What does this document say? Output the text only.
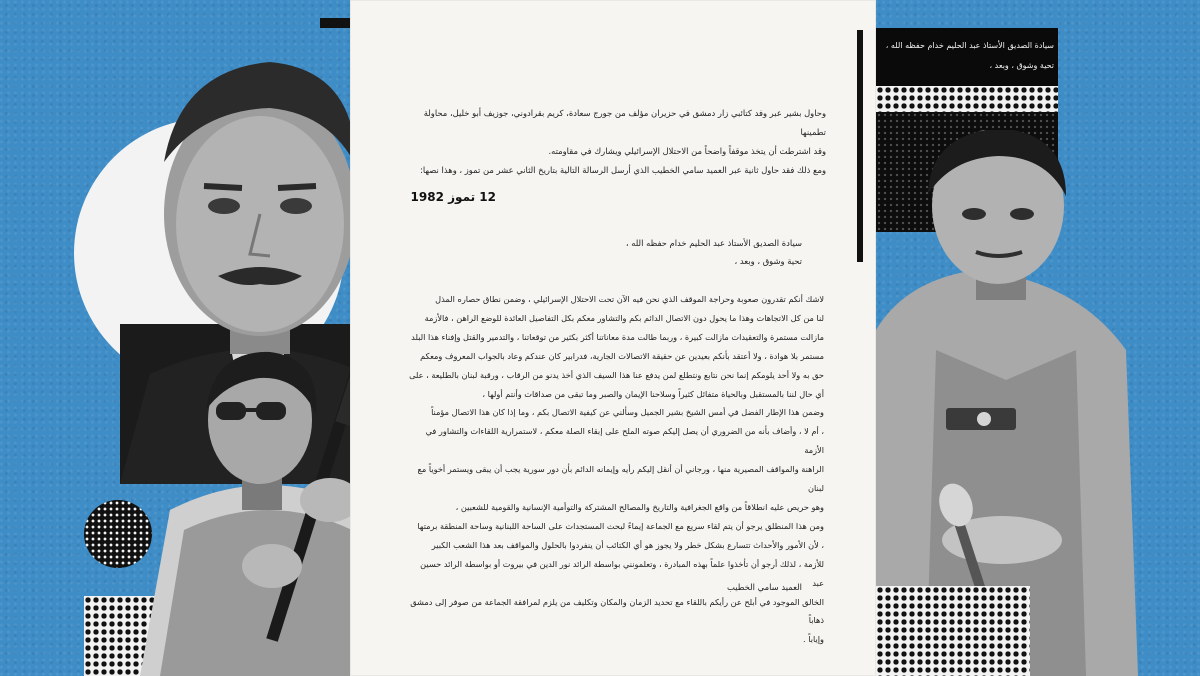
وحاول بشير عبر وفد كتائبي زار دمشق في حزيران مؤلف من جورج سعادة، كريم بقرادوني، جوزيف أبو خليل، محاولة تطمينها

وقد اشترطت أن يتخذ موقفاً واضحاً من الاحتلال الإسرائيلي ويشارك في مقاومته.

ومع ذلك فقد حاول ثانية عبر العميد سامي الخطيب الذي أرسل الرسالة التالية بتاريخ الثاني عشر من تموز ، وهذا نصها:

12 تموز 1982

سيادة الصديق الأستاذ عبد الحليم خدام حفظه الله ،

تحية وشوق ، وبعد ،

لاشك أنكم تقدرون صعوبة وحراجة الموقف الذي نحن فيه الآن تحت الاحتلال الإسرائيلي ، وضمن نطاق حصاره المذل

لنا من كل الاتجاهات وهذا ما يحول دون الاتصال الدائم بكم والتشاور معكم بكل التفاصيل العائدة للوضع الراهن ، فالأزمة

مازالت مستمرة والتعقيدات مازالت كبيرة ، وربما طالت مدة معاناتنا أكثر بكثير من توقعاتنا ، والتدمير والقتل وإفناء هذا البلد

مستمر بلا هوادة ، ولا أعتقد بأنكم بعيدين عن حقيقة الاتصالات الجارية، فدرابير كان عندكم وعاد بالجواب المعروف ومعكم

حق به ولا أحد يلومكم إنما نحن نتابع ونتطلع لمن يدفع عنا هذا السيف الذي أخذ يدنو من الرقاب ، ورقبة لبنان بالطليعة ، على

أي حال لننا بالمستقبل وبالحياة متفائل كثيراً وسلاحنا الإيمان والصبر وما تبقى من صداقات وأنتم أولها ،

وضمن هذا الإطار الفضل في أمس الشيخ بشير الجميل وسألني عن كيفية الاتصال بكم ، وما إذا كان هذا الاتصال مؤمناً

، أم لا ، وأضاف بأنه من الضروري أن يصل إليكم صوته الملح على إبقاء الصلة معكم ، لاستمرارية اللقاءات والتشاور في الأزمة

الراهنة والمواقف المصيرية منها ، ورجاني أن أنقل إليكم رأيه وإيمانه الدائم بأن دور سورية يجب أن يبقى ويستمر أخوياً مع لبنان

وهو حريص عليه انطلاقاً من واقع الجغرافية والتاريخ والمصالح المشتركة والتوأمية الإنسانية والقومية للشعبين ،

ومن هذا المنطلق يرجو أن يتم لقاء سريع مع الجماعة إيماءً لبحث المستجدات على الساحة اللبنانية وساحة المنطقة برمتها

، لأن الأمور والأحداث تتسارع بشكل خطر ولا يجوز هو أي الكتائب أن ينفردوا بالحلول والمواقف بعد هذا الشعب الكبير

للأزمة ، لذلك أرجو أن تأخذوا علماً بهذه المبادرة ، وتعلمونني بواسطة الرائد نور الدين في بيروت أو بواسطة الرائد حسين عبد

الخالق الموجود في أبلح عن رأيكم باللقاء مع تحديد الزمان والمكان وتكليف من يلزم لمرافقة الجماعة من صوفر إلى دمشق ذهاباً

وإياباً .

العميد سامي الخطيب

سيادة الصديق الأستاذ عبد الحليم خدام حفظه الله ،

تحية وشوق ، وبعد ،
